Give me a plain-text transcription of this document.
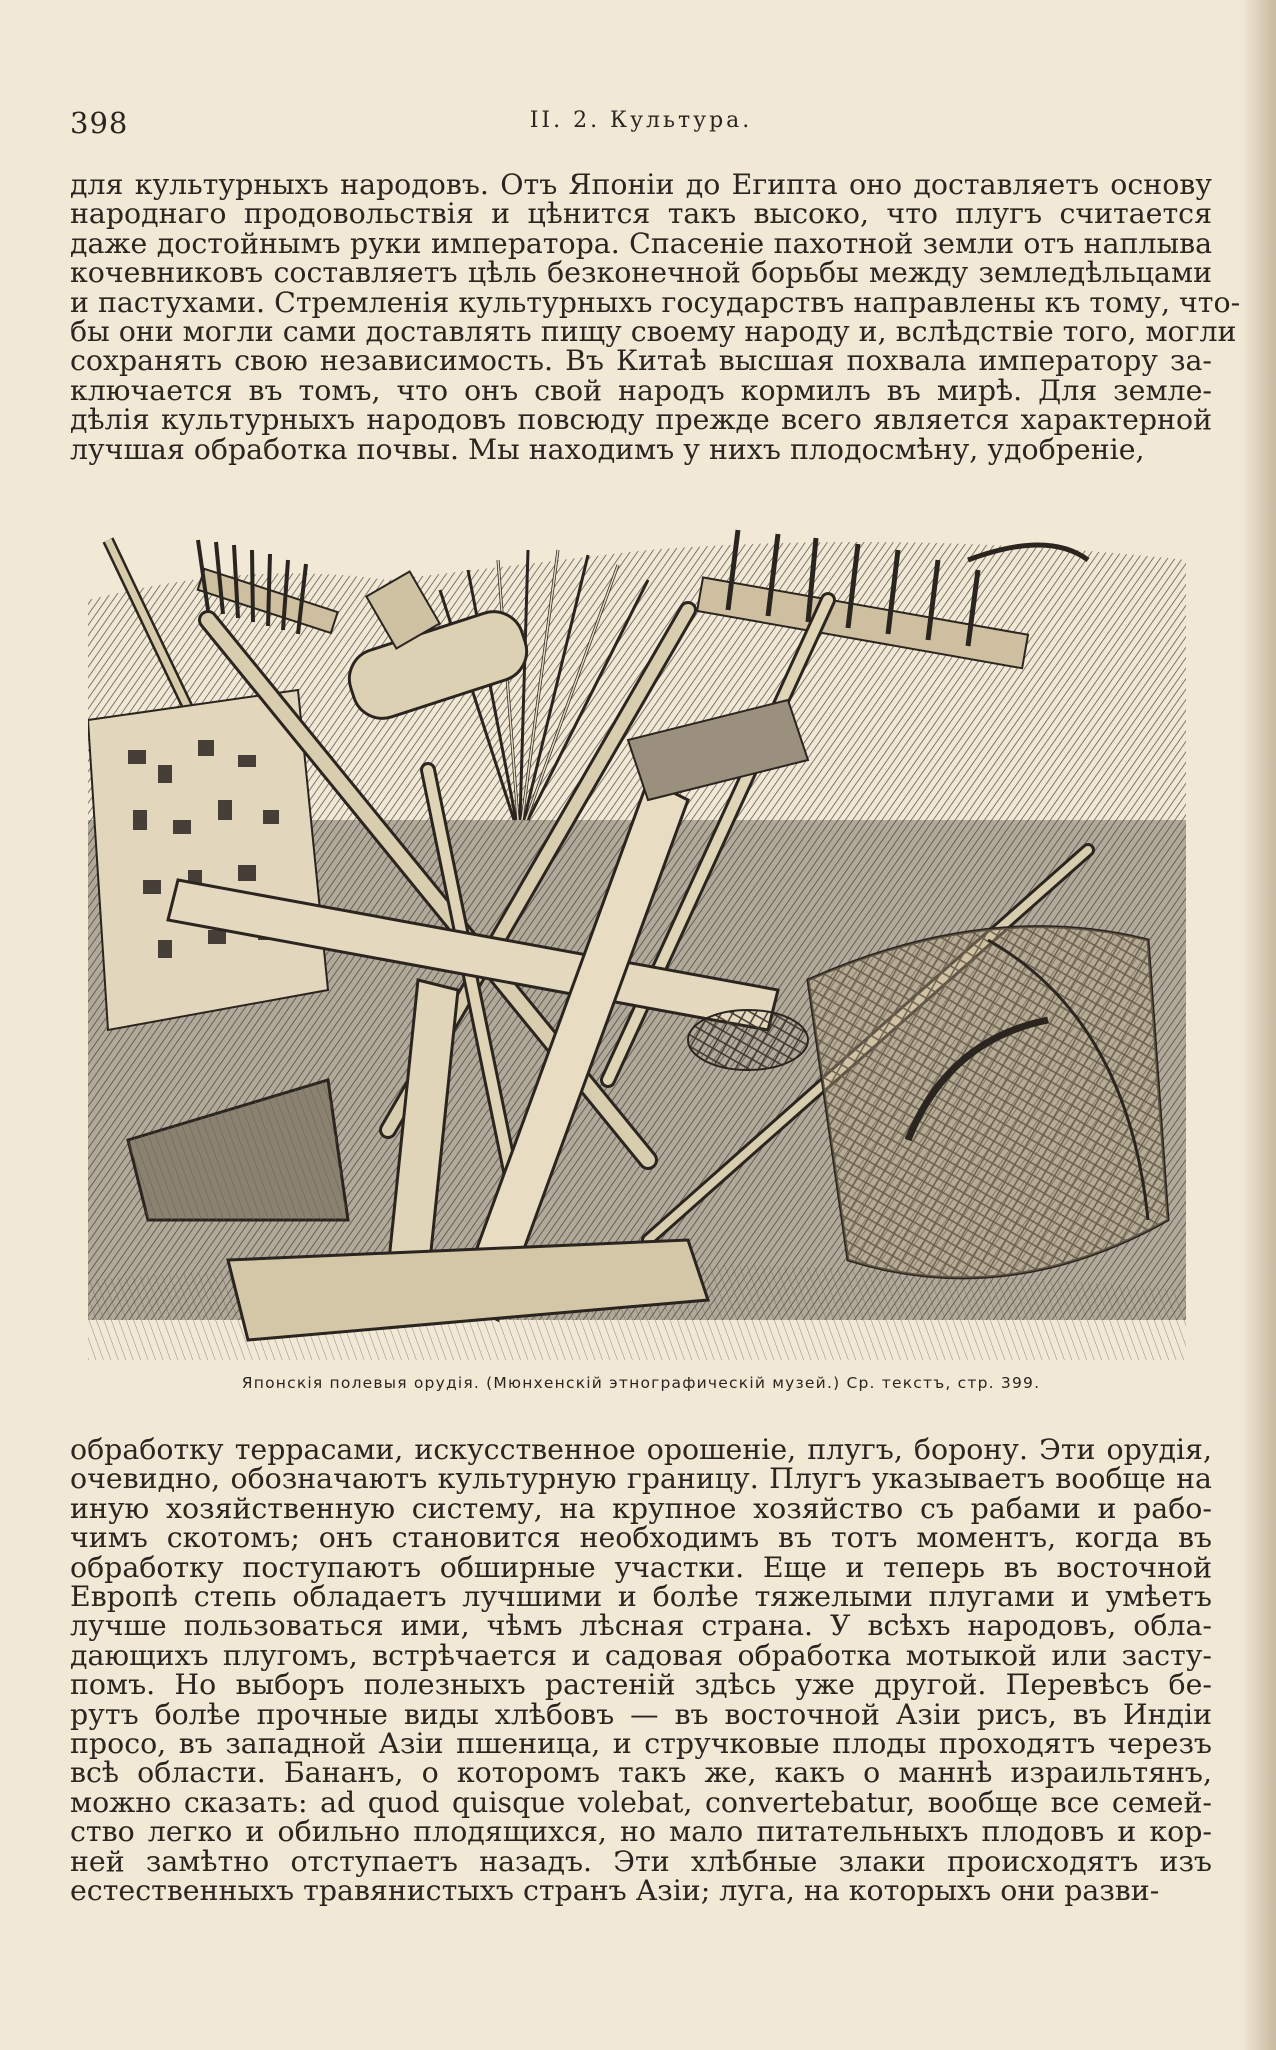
398	II. 2. Культура.

для культурныхъ народовъ. Отъ Японіи до Египта оно доставляетъ основу
народнаго продовольствія и цѣнится такъ высоко, что плугъ считается
даже достойнымъ руки императора. Спасеніе пахотной земли отъ наплыва
кочевниковъ составляетъ цѣль безконечной борьбы между земледѣльцами
и пастухами. Стремленія культурныхъ государствъ направлены къ тому, что-
бы они могли сами доставлять пищу своему народу и, вслѣдствіе того, могли
сохранять свою независимость. Въ Китаѣ высшая похвала императору за-
ключается въ томъ, что онъ свой народъ кормилъ въ мирѣ. Для земле-
дѣлія культурныхъ народовъ повсюду прежде всего является характерной
лучшая обработка почвы. Мы находимъ у нихъ плодосмѣну, удобреніе,

Японскія полевыя орудія. (Мюнхенскій этнографическій музей.) Ср. текстъ, стр. 399.

обработку террасами, искусственное орошеніе, плугъ, борону. Эти орудія,
очевидно, обозначаютъ культурную границу. Плугъ указываетъ вообще на
иную хозяйственную систему, на крупное хозяйство съ рабами и рабо-
чимъ скотомъ; онъ становится необходимъ въ тотъ моментъ, когда въ
обработку поступаютъ обширные участки. Еще и теперь въ восточной
Европѣ степь обладаетъ лучшими и болѣе тяжелыми плугами и умѣетъ
лучше пользоваться ими, чѣмъ лѣсная страна. У всѣхъ народовъ, обла-
дающихъ плугомъ, встрѣчается и садовая обработка мотыкой или засту-
помъ. Но выборъ полезныхъ растеній здѣсь уже другой. Перевѣсъ бе-
рутъ болѣе прочные виды хлѣбовъ — въ восточной Азіи рисъ, въ Индіи
просо, въ западной Азіи пшеница, и стручковые плоды проходятъ черезъ
всѣ области. Бананъ, о которомъ такъ же, какъ о маннѣ израильтянъ,
можно сказать: ad quod quisque volebat, convertebatur, вообще все семей-
ство легко и обильно плодящихся, но мало питательныхъ плодовъ и кор-
ней замѣтно отступаетъ назадъ. Эти хлѣбные злаки происходятъ изъ
естественныхъ травянистыхъ странъ Азіи; луга, на которыхъ они разви-
